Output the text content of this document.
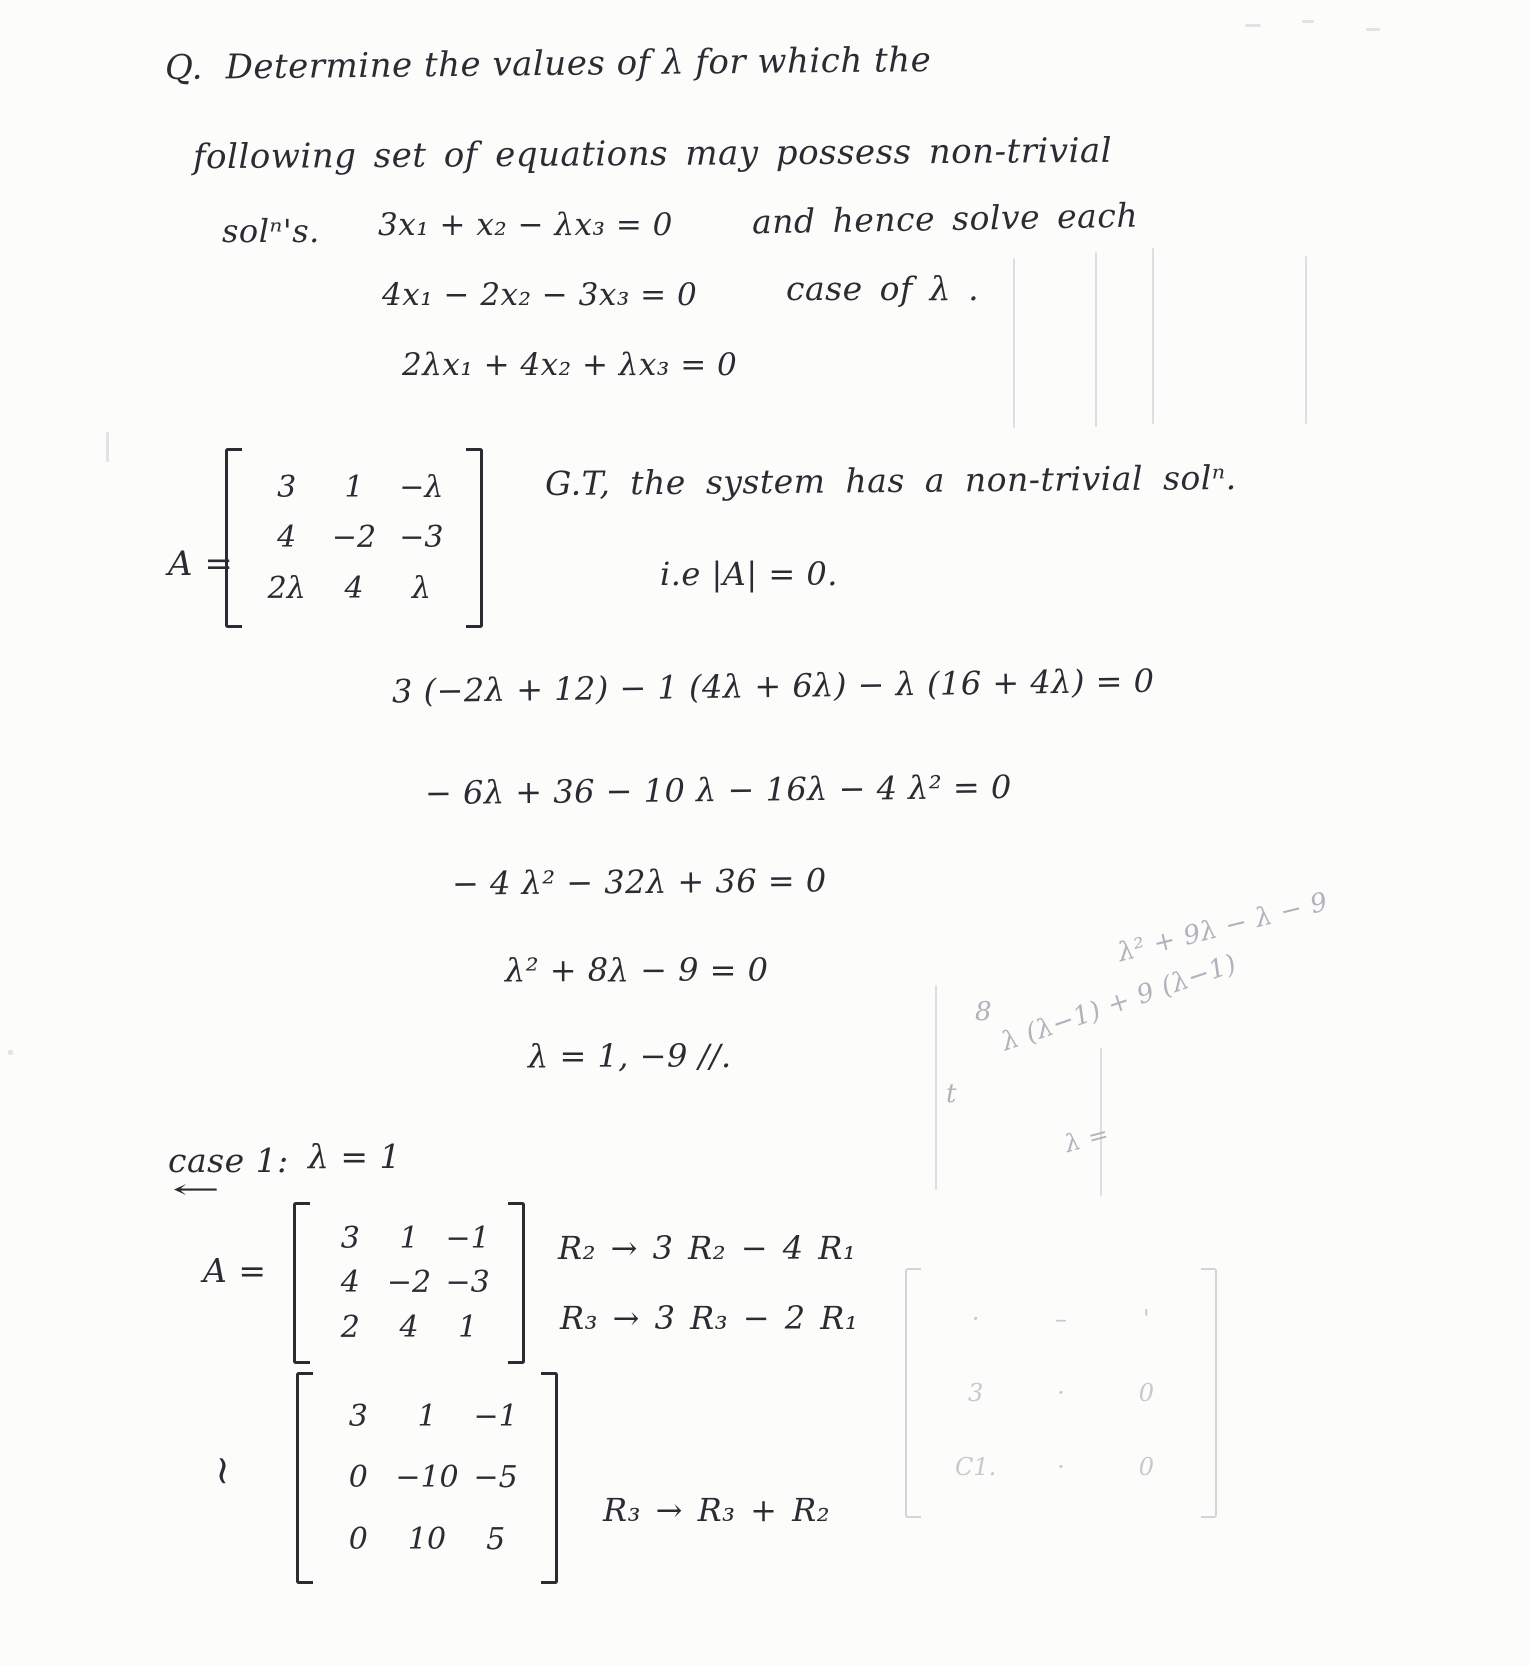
Q. Determine the values of λ for which the
following set of equations may possess non-trivial
solⁿ's. 3x₁ + x₂ − λx₃ = 0 and hence solve each
4x₁ − 2x₂ − 3x₃ = 0	case of λ .
2λx₁ + 4x₂ + λx₃ = 0
A =
3 1 −λ
4 −2 −3
2λ 4 λ
G.T, the system has a non-trivial solⁿ.
i.e |A| = 0.
3 (−2λ + 12) − 1 (4λ + 6λ) − λ (16 + 4λ) = 0
− 6λ + 36 − 10 λ − 16λ − 4 λ² = 0
− 4 λ² − 32λ + 36 = 0
λ² + 8λ − 9 = 0
λ = 1, −9 //.
λ² + 9λ − λ − 9
λ (λ−1) + 9 (λ−1)
8
t
λ =
case 1:
←
λ = 1
A =
3 1 −1
4 −2 −3
2 4 1
R₂ → 3 R₂ − 4 R₁
R₃ → 3 R₃ − 2 R₁
∼
3 1 −1
0 −10 −5
0 10 5
R₃ → R₃ + R₂
·	–	'
3	·	0
C1.	·	0
